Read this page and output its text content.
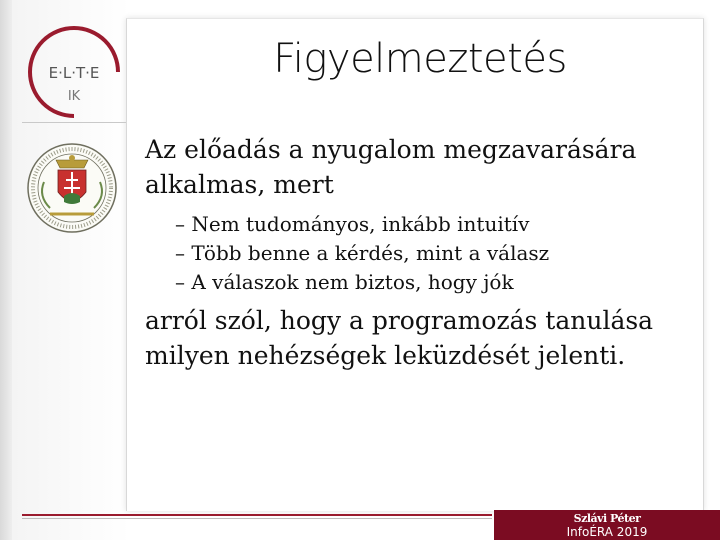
E·L·T·E
IK
Figyelmeztetés

Az előadás a nyugalom megzavarására alkalmas, mert

– Nem tudományos, inkább intuitív

– Több benne a kérdés, mint a válasz

– A válaszok nem biztos, hogy jók

arról szól, hogy a programozás tanulása milyen nehézségek leküzdését jelenti.

Szlávi Péter
InfoÉRA 2019
